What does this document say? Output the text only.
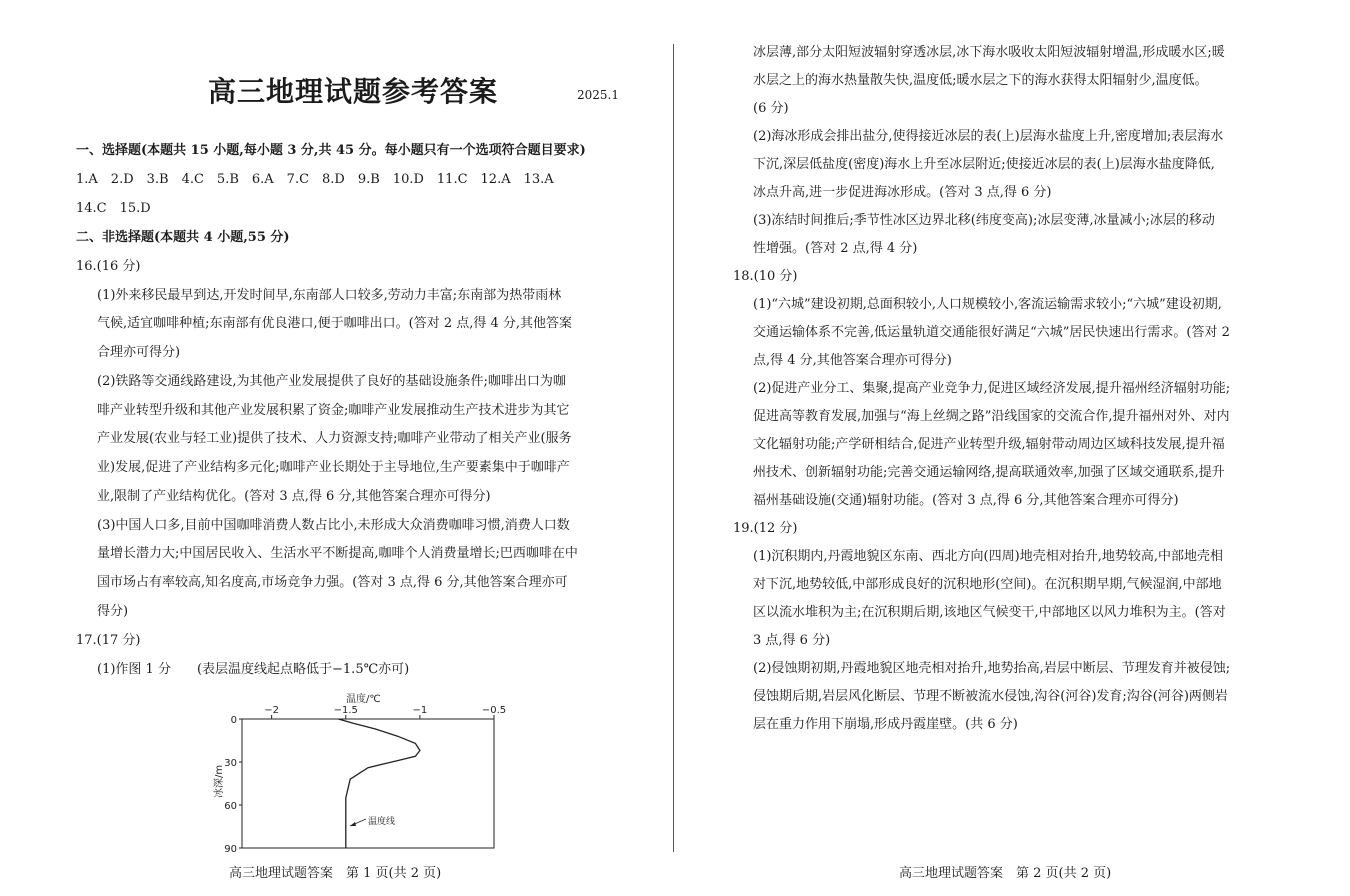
高三地理试题参考答案	2025.1
一、选择题(本题共 15 小题,每小题 3 分,共 45 分。每小题只有一个选项符合题目要求)
1.A　2.D　3.B　4.C　5.B　6.A　7.C　8.D　9.B　10.D　11.C　12.A　13.A
14.C　15.D
二、非选择题(本题共 4 小题,55 分)
16.(16 分)
(1)外来移民最早到达,开发时间早,东南部人口较多,劳动力丰富;东南部为热带雨林
气候,适宜咖啡种植;东南部有优良港口,便于咖啡出口。(答对 2 点,得 4 分,其他答案
合理亦可得分)
(2)铁路等交通线路建设,为其他产业发展提供了良好的基础设施条件;咖啡出口为咖
啡产业转型升级和其他产业发展积累了资金;咖啡产业发展推动生产技术进步为其它
产业发展(农业与轻工业)提供了技术、人力资源支持;咖啡产业带动了相关产业(服务
业)发展,促进了产业结构多元化;咖啡产业长期处于主导地位,生产要素集中于咖啡产
业,限制了产业结构优化。(答对 3 点,得 6 分,其他答案合理亦可得分)
(3)中国人口多,目前中国咖啡消费人数占比小,未形成大众消费咖啡习惯,消费人口数
量增长潜力大;中国居民收入、生活水平不断提高,咖啡个人消费量增长;巴西咖啡在中
国市场占有率较高,知名度高,市场竞争力强。(答对 3 点,得 6 分,其他答案合理亦可
得分)
17.(17 分)
(1)作图 1 分　　(表层温度线起点略低于−1.5℃亦可)
温度/℃
冰深/m
−2	−1.5	−1	−0.5
0
30
60
90
温度线
高三地理试题答案　第 1 页(共 2 页)
冰层薄,部分太阳短波辐射穿透冰层,冰下海水吸收太阳短波辐射增温,形成暖水区;暖
水层之上的海水热量散失快,温度低;暖水层之下的海水获得太阳辐射少,温度低。
(6 分)
(2)海冰形成会排出盐分,使得接近冰层的表(上)层海水盐度上升,密度增加;表层海水
下沉,深层低盐度(密度)海水上升至冰层附近;使接近冰层的表(上)层海水盐度降低,
冰点升高,进一步促进海冰形成。(答对 3 点,得 6 分)
(3)冻结时间推后;季节性冰区边界北移(纬度变高);冰层变薄,冰量减小;冰层的移动
性增强。(答对 2 点,得 4 分)
18.(10 分)
(1)“六城”建设初期,总面积较小,人口规模较小,客流运输需求较小;“六城”建设初期,
交通运输体系不完善,低运量轨道交通能很好满足“六城”居民快速出行需求。(答对 2
点,得 4 分,其他答案合理亦可得分)
(2)促进产业分工、集聚,提高产业竞争力,促进区域经济发展,提升福州经济辐射功能;
促进高等教育发展,加强与“海上丝绸之路”沿线国家的交流合作,提升福州对外、对内
文化辐射功能;产学研相结合,促进产业转型升级,辐射带动周边区域科技发展,提升福
州技术、创新辐射功能;完善交通运输网络,提高联通效率,加强了区域交通联系,提升
福州基础设施(交通)辐射功能。(答对 3 点,得 6 分,其他答案合理亦可得分)
19.(12 分)
(1)沉积期内,丹霞地貌区东南、西北方向(四周)地壳相对抬升,地势较高,中部地壳相
对下沉,地势较低,中部形成良好的沉积地形(空间)。在沉积期早期,气候湿润,中部地
区以流水堆积为主;在沉积期后期,该地区气候变干,中部地区以风力堆积为主。(答对
3 点,得 6 分)
(2)侵蚀期初期,丹霞地貌区地壳相对抬升,地势抬高,岩层中断层、节理发育并被侵蚀;
侵蚀期后期,岩层风化断层、节理不断被流水侵蚀,沟谷(河谷)发育;沟谷(河谷)两侧岩
层在重力作用下崩塌,形成丹霞崖壁。(共 6 分)
高三地理试题答案　第 2 页(共 2 页)
